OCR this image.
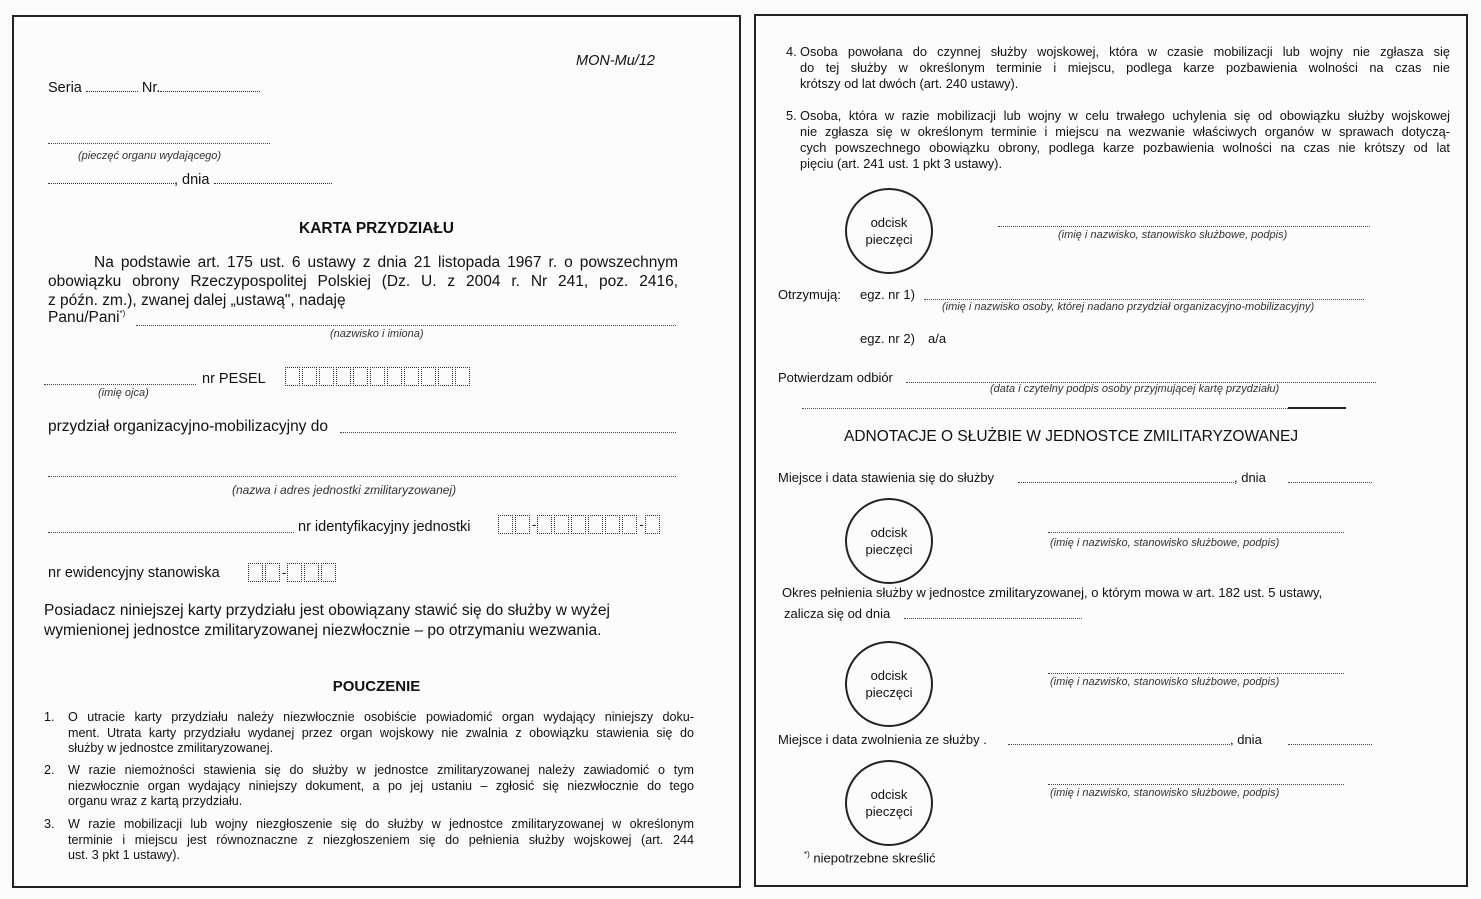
MON-Mu/12
Seria	Nr.
(pieczęć organu wydającego)
, dnia
KARTA PRZYDZIAŁU
Na podstawie art. 175 ust. 6 ustawy z dnia 21 listopada 1967 r. o powszechnym
obowiązku obrony Rzeczypospolitej Polskiej (Dz. U. z 2004 r. Nr 241, poz. 2416,
z późn. zm.), zwanej dalej „ustawą", nadaję
Panu/Pani*)
(nazwisko i imiona)
(imię ojca)
nr PESEL
przydział organizacyjno-mobilizacyjny do
(nazwa i adres jednostki zmilitaryzowanej)
nr identyfikacyjny jednostki	-	-
nr ewidencyjny stanowiska	-
Posiadacz niniejszej karty przydziału jest obowiązany stawić się do służby w wyżej
wymienionej jednostce zmilitaryzowanej niezwłocznie – po otrzymaniu wezwania.
POUCZENIE
1. O utracie karty przydziału należy niezwłocznie osobiście powiadomić organ wydający niniejszy doku-
ment. Utrata karty przydziału wydanej przez organ wojskowy nie zwalnia z obowiązku stawienia się do
służby w jednostce zmilitaryzowanej.
2. W razie niemożności stawienia się do służby w jednostce zmilitaryzowanej należy zawiadomić o tym
niezwłocznie organ wydający niniejszy dokument, a po jej ustaniu – zgłosić się niezwłocznie do tego
organu wraz z kartą przydziału.
3. W razie mobilizacji lub wojny niezgłoszenie się do służby w jednostce zmilitaryzowanej w określonym
terminie i miejscu jest równoznaczne z niezgłoszeniem się do pełnienia służby wojskowej (art. 244
ust. 3 pkt 1 ustawy).
4. Osoba powołana do czynnej służby wojskowej, która w czasie mobilizacji lub wojny nie zgłasza się
do tej służby w określonym terminie i miejscu, podlega karze pozbawienia wolności na czas nie
krótszy od lat dwóch (art. 240 ustawy).
5. Osoba, która w razie mobilizacji lub wojny w celu trwałego uchylenia się od obowiązku służby wojskowej
nie zgłasza się w określonym terminie i miejscu na wezwanie właściwych organów w sprawach dotyczą-
cych powszechnego obowiązku obrony, podlega karze pozbawienia wolności na czas nie krótszy od lat
pięciu (art. 241 ust. 1 pkt 3 ustawy).
odcisk
pieczęci	(imię i nazwisko, stanowisko służbowe, podpis)
Otrzymują: egz. nr 1)
(imię i nazwisko osoby, której nadano przydział organizacyjno-mobilizacyjny)
egz. nr 2) a/a
Potwierdzam odbiór
(data i czytelny podpis osoby przyjmującej kartę przydziału)
ADNOTACJE O SŁUŻBIE W JEDNOSTCE ZMILITARYZOWANEJ
Miejsce i data stawienia się do służby	, dnia
odcisk
pieczęci	(imię i nazwisko, stanowisko służbowe, podpis)
Okres pełnienia służby w jednostce zmilitaryzowanej, o którym mowa w art. 182 ust. 5 ustawy,
zalicza się od dnia
odcisk
pieczęci
(imię i nazwisko, stanowisko służbowe, podpis)
Miejsce i data zwolnienia ze służby .	, dnia
odcisk
pieczęci
(imię i nazwisko, stanowisko służbowe, podpis)
*) niepotrzebne skreślić
